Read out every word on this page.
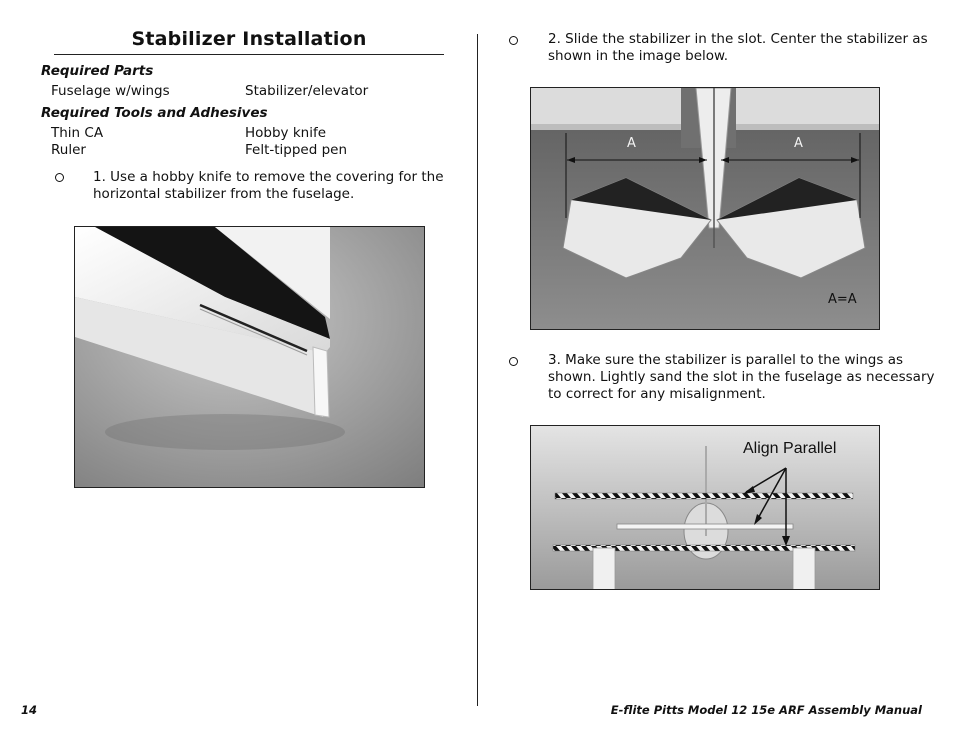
Stabilizer Installation
Required Parts
Fuselage w/wings	Stabilizer/elevator
Required Tools and Adhesives
Thin CA	Hobby knife
Ruler	Felt-tipped pen
1. Use a hobby knife to remove the covering for the
horizontal stabilizer from the fuselage.
2. Slide the stabilizer in the slot. Center the stabilizer as
shown in the image below.
A	A
A=A
3. Make sure the stabilizer is parallel to the wings as
shown. Lightly sand the slot in the fuselage as necessary
to correct for any misalignment.
Align Parallel
14	E-flite Pitts Model 12 15e ARF Assembly Manual
